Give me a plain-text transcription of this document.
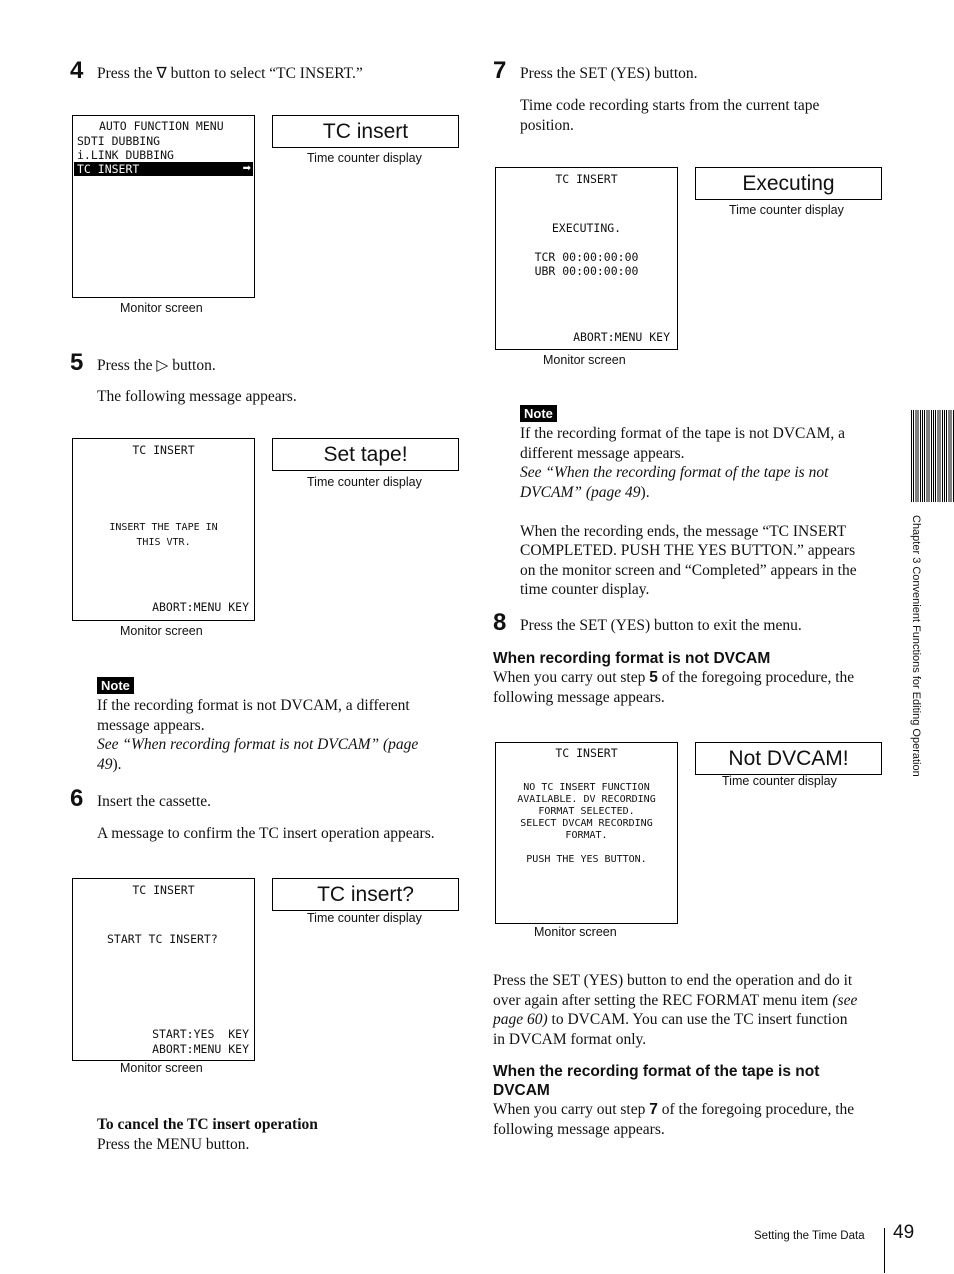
4 Press the ∇ button to select “TC INSERT.”
AUTO FUNCTION MENU
SDTI DUBBING
i.LINK DUBBING
TC INSERT	➡
Monitor screen
TC insert
Time counter display
5 Press the ▷ button.
The following message appears.
TC INSERT
INSERT THE TAPE IN
THIS VTR.
ABORT:MENU KEY
Monitor screen
Set tape!
Time counter display
Note
If the recording format is not DVCAM, a different
message appears.
See “When recording format is not DVCAM” (page
49).
6 Insert the cassette.
A message to confirm the TC insert operation appears.
TC INSERT
START TC INSERT?
START:YES  KEY
ABORT:MENU KEY
Monitor screen
TC insert?
Time counter display
To cancel the TC insert operation
Press the MENU button.
7 Press the SET (YES) button.
Time code recording starts from the current tape
position.
TC INSERT
EXECUTING.
TCR 00:00:00:00
UBR 00:00:00:00
ABORT:MENU KEY
Monitor screen
Executing
Time counter display
Note
If the recording format of the tape is not DVCAM, a
different message appears.
See “When the recording format of the tape is not
DVCAM” (page 49).
When the recording ends, the message “TC INSERT
COMPLETED. PUSH THE YES BUTTON.” appears
on the monitor screen and “Completed” appears in the
time counter display.
8 Press the SET (YES) button to exit the menu.
When recording format is not DVCAM
When you carry out step 5 of the foregoing procedure, the
following message appears.
TC INSERT
NO TC INSERT FUNCTION
AVAILABLE. DV RECORDING
FORMAT SELECTED.
SELECT DVCAM RECORDING
FORMAT.
PUSH THE YES BUTTON.
Monitor screen
Not DVCAM!
Time counter display
Press the SET (YES) button to end the operation and do it
over again after setting the REC FORMAT menu item (see
page 60) to DVCAM. You can use the TC insert function
in DVCAM format only.
When the recording format of the tape is not
DVCAM
When you carry out step 7 of the foregoing procedure, the
following message appears.
Chapter 3 Convenient Functions for Editing Operation
Setting the Time Data 49
